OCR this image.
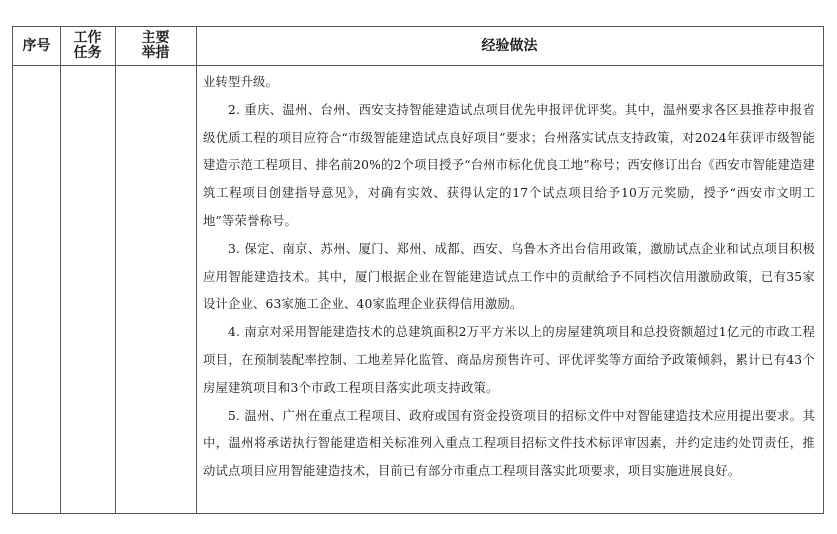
序号	工作
任务
主要
举措	经验做法

业转型升级。

2. 重庆、温州、台州、西安支持智能建造试点项目优先申报评优评奖。其中，温州要求各区县推荐申报省级优质工程的项目应符合“市级智能建造试点良好项目”要求；台州落实试点支持政策，对2024年获评市级智能建造示范工程项目、排名前20%的2个项目授予“台州市标化优良工地”称号；西安修订出台《西安市智能建造建筑工程项目创建指导意见》，对确有实效、获得认定的17个试点项目给予10万元奖励，授予“西安市文明工地”等荣誉称号。

3. 保定、南京、苏州、厦门、郑州、成都、西安、乌鲁木齐出台信用政策，激励试点企业和试点项目积极应用智能建造技术。其中，厦门根据企业在智能建造试点工作中的贡献给予不同档次信用激励政策，已有35家设计企业、63家施工企业、40家监理企业获得信用激励。

4. 南京对采用智能建造技术的总建筑面积2万平方米以上的房屋建筑项目和总投资额超过1亿元的市政工程项目，在预制装配率控制、工地差异化监管、商品房预售许可、评优评奖等方面给予政策倾斜，累计已有43个房屋建筑项目和3个市政工程项目落实此项支持政策。

5. 温州、广州在重点工程项目、政府或国有资金投资项目的招标文件中对智能建造技术应用提出要求。其中，温州将承诺执行智能建造相关标准列入重点工程项目招标文件技术标评审因素，并约定违约处罚责任，推动试点项目应用智能建造技术，目前已有部分市重点工程项目落实此项要求，项目实施进展良好。
